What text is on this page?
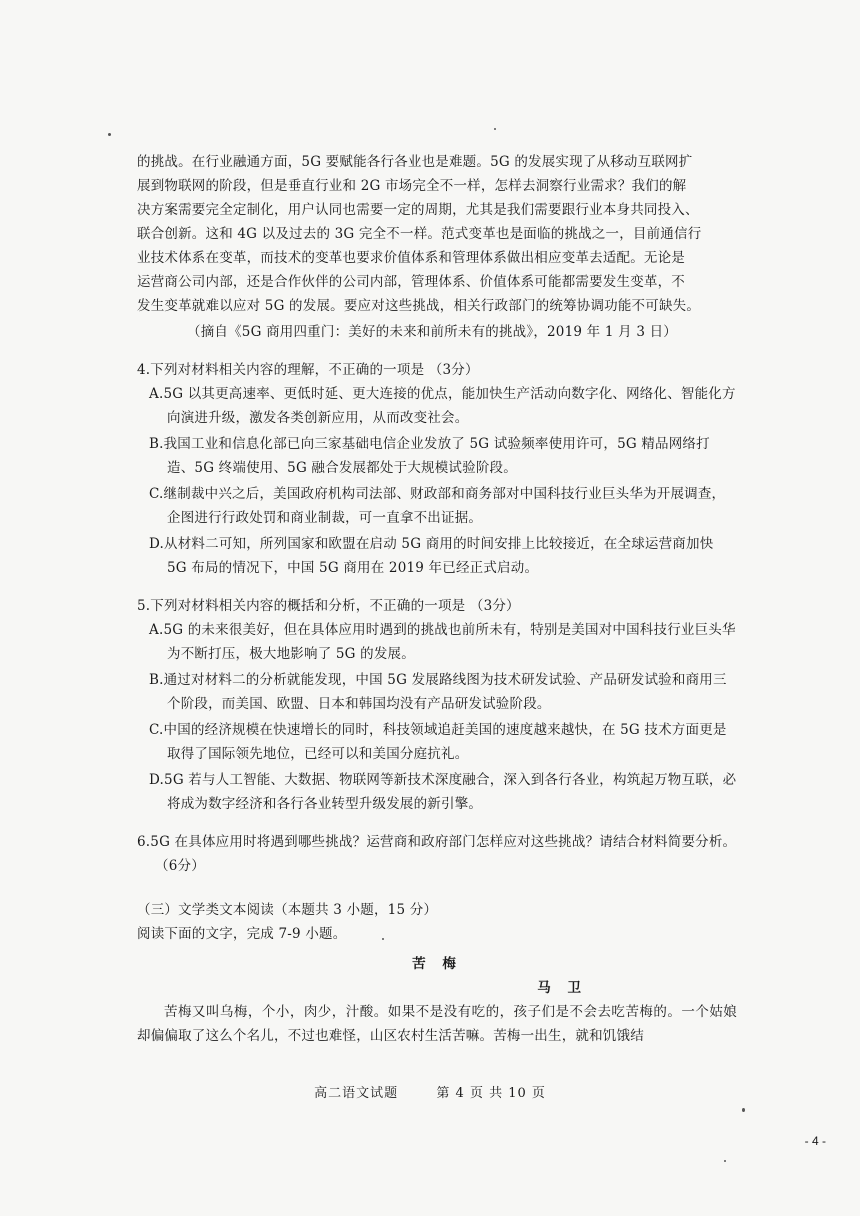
的挑战。在行业融通方面，5G 要赋能各行各业也是难题。5G 的发展实现了从移动互联网扩

展到物联网的阶段，但是垂直行业和 2G 市场完全不一样，怎样去洞察行业需求？我们的解

决方案需要完全定制化，用户认同也需要一定的周期，尤其是我们需要跟行业本身共同投入、

联合创新。这和 4G 以及过去的 3G 完全不一样。范式变革也是面临的挑战之一，目前通信行

业技术体系在变革，而技术的变革也要求价值体系和管理体系做出相应变革去适配。无论是

运营商公司内部，还是合作伙伴的公司内部，管理体系、价值体系可能都需要发生变革，不

发生变革就难以应对 5G 的发展。要应对这些挑战，相关行政部门的统筹协调功能不可缺失。

（摘自《5G 商用四重门：美好的未来和前所未有的挑战》，2019 年 1 月 3 日）

4.下列对材料相关内容的理解，不正确的一项是 （3分）

A.5G 以其更高速率、更低时延、更大连接的优点，能加快生产活动向数字化、网络化、智能化方向演进升级，激发各类创新应用，从而改变社会。

B.我国工业和信息化部已向三家基础电信企业发放了 5G 试验频率使用许可，5G 精品网络打造、5G 终端使用、5G 融合发展都处于大规模试验阶段。

C.继制裁中兴之后，美国政府机构司法部、财政部和商务部对中国科技行业巨头华为开展调查，企图进行行政处罚和商业制裁，可一直拿不出证据。

D.从材料二可知，所列国家和欧盟在启动 5G 商用的时间安排上比较接近，在全球运营商加快 5G 布局的情况下，中国 5G 商用在 2019 年已经正式启动。

5.下列对材料相关内容的概括和分析，不正确的一项是 （3分）

A.5G 的未来很美好，但在具体应用时遇到的挑战也前所未有，特别是美国对中国科技行业巨头华为不断打压，极大地影响了 5G 的发展。

B.通过对材料二的分析就能发现，中国 5G 发展路线图为技术研发试验、产品研发试验和商用三个阶段，而美国、欧盟、日本和韩国均没有产品研发试验阶段。

C.中国的经济规模在快速增长的同时，科技领域追赶美国的速度越来越快，在 5G 技术方面更是取得了国际领先地位，已经可以和美国分庭抗礼。

D.5G 若与人工智能、大数据、物联网等新技术深度融合，深入到各行各业，构筑起万物互联，必将成为数字经济和各行各业转型升级发展的新引擎。

6.5G 在具体应用时将遇到哪些挑战？运营商和政府部门怎样应对这些挑战？请结合材料简要分析。（6分）

（三）文学类文本阅读（本题共 3 小题，15 分）

阅读下面的文字，完成 7-9 小题。

苦 梅

马 卫

苦梅又叫乌梅，个小，肉少，汁酸。如果不是没有吃的，孩子们是不会去吃苦梅的。一个姑娘却偏偏取了这么个名儿，不过也难怪，山区农村生活苦嘛。苦梅一出生，就和饥饿结

高二语文试题	第 4 页 共 10 页
- 4 -
